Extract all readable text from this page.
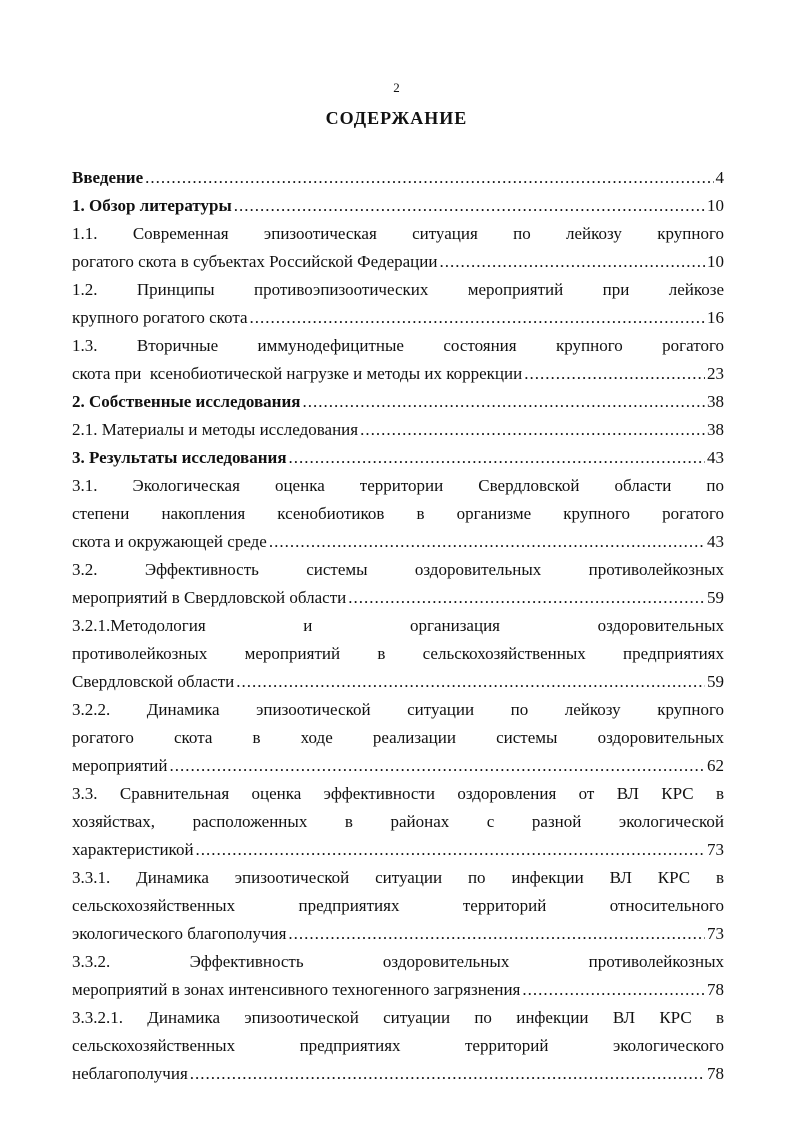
2
СОДЕРЖАНИЕ
Введение .....	4
1. Обзор литературы .....	10
1.1. Современная эпизоотическая ситуация по лейкозу крупного
рогатого скота в субъектах Российской Федерации .....	10
1.2. Принципы противоэпизоотических мероприятий при лейкозе
крупного рогатого скота .....	16
1.3. Вторичные иммунодефицитные состояния крупного рогатого
скота при  ксенобиотической нагрузке и методы их коррекции .....	23
2. Собственные исследования .....	38
2.1. Материалы и методы исследования .....	38
3. Результаты исследования .....	43
3.1. Экологическая оценка территории Свердловской области по
степени накопления ксенобиотиков в организме крупного рогатого
скота и окружающей среде .....	43
3.2. Эффективность системы оздоровительных противолейкозных
мероприятий в Свердловской области .....	59
3.2.1.Методология и организация оздоровительных
противолейкозных мероприятий в сельскохозяйственных предприятиях
Свердловской области .....	59
3.2.2. Динамика эпизоотической ситуации по лейкозу крупного
рогатого скота в ходе реализации системы оздоровительных
мероприятий .....	62
3.3. Сравнительная оценка эффективности оздоровления от ВЛ КРС в
хозяйствах, расположенных в районах с разной экологической
характеристикой .....	73
3.3.1. Динамика эпизоотической ситуации по инфекции ВЛ КРС в
сельскохозяйственных предприятиях территорий относительного
экологического благополучия .....	73
3.3.2. Эффективность оздоровительных противолейкозных
мероприятий в зонах интенсивного техногенного загрязнения .....	78
3.3.2.1. Динамика эпизоотической ситуации по инфекции ВЛ КРС в
сельскохозяйственных предприятиях территорий экологического
неблагополучия .....	78
